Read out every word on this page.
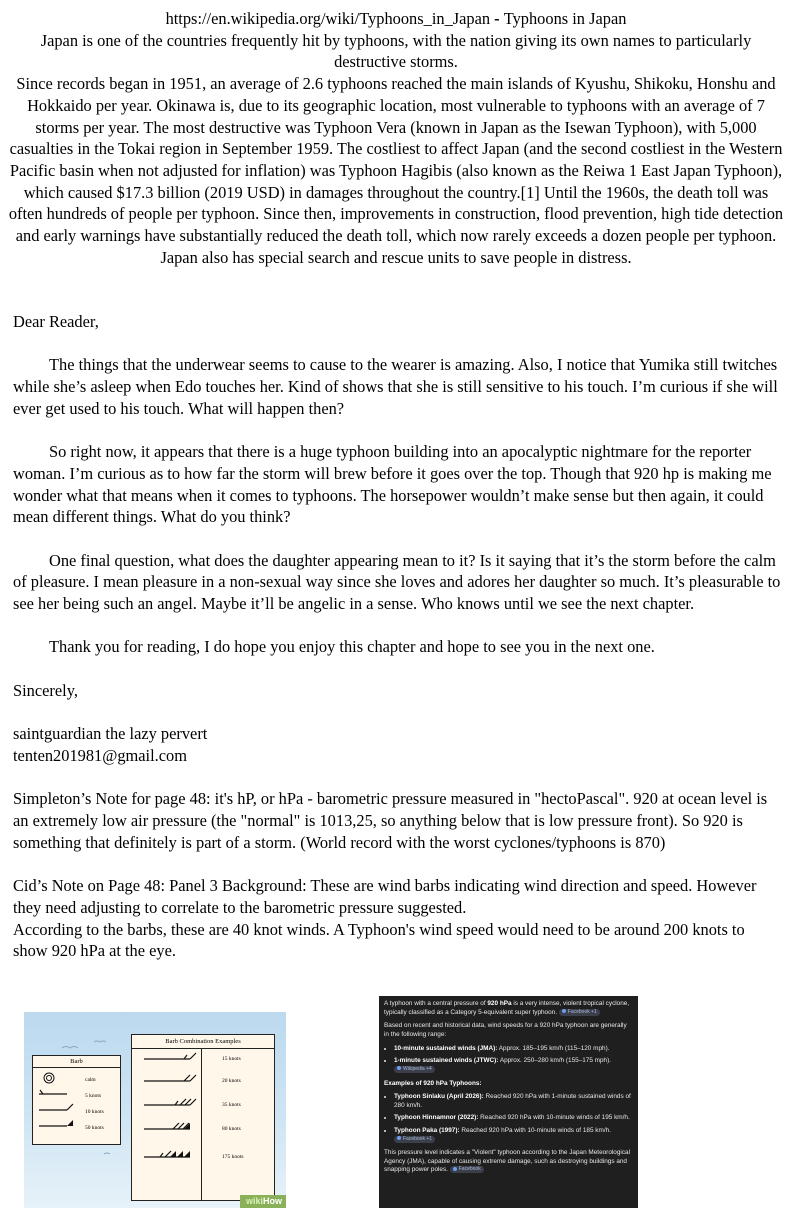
https://en.wikipedia.org/wiki/Typhoons_in_Japan - Typhoons in Japan

Japan is one of the countries frequently hit by typhoons, with the nation giving its own names to particularly destructive storms.

Since records began in 1951, an average of 2.6 typhoons reached the main islands of Kyushu, Shikoku, Honshu and Hokkaido per year. Okinawa is, due to its geographic location, most vulnerable to typhoons with an average of 7 storms per year. The most destructive was Typhoon Vera (known in Japan as the Isewan Typhoon), with 5,000 casualties in the Tokai region in September 1959. The costliest to affect Japan (and the second costliest in the Western Pacific basin when not adjusted for inflation) was Typhoon Hagibis (also known as the Reiwa 1 East Japan Typhoon), which caused $17.3 billion (2019 USD) in damages throughout the country.[1] Until the 1960s, the death toll was often hundreds of people per typhoon. Since then, improvements in construction, flood prevention, high tide detection and early warnings have substantially reduced the death toll, which now rarely exceeds a dozen people per typhoon. Japan also has special search and rescue units to save people in distress.

Dear Reader,

The things that the underwear seems to cause to the wearer is amazing. Also, I notice that Yumika still twitches while she’s asleep when Edo touches her. Kind of shows that she is still sensitive to his touch. I’m curious if she will ever get used to his touch. What will happen then?

So right now, it appears that there is a huge typhoon building into an apocalyptic nightmare for the reporter woman. I’m curious as to how far the storm will brew before it goes over the top. Though that 920 hp is making me wonder what that means when it comes to typhoons. The horsepower wouldn’t make sense but then again, it could mean different things. What do you think?

One final question, what does the daughter appearing mean to it? Is it saying that it’s the storm before the calm of pleasure. I mean pleasure in a non-sexual way since she loves and adores her daughter so much. It’s pleasurable to see her being such an angel. Maybe it’ll be angelic in a sense. Who knows until we see the next chapter.

Thank you for reading, I do hope you enjoy this chapter and hope to see you in the next one.

Sincerely,

saintguardian the lazy pervert

tenten201981@gmail.com

Simpleton’s Note for page 48: it's hP, or hPa - barometric pressure measured in "hectoPascal". 920 at ocean level is an extremely low air pressure (the "normal" is 1013,25, so anything below that is low pressure front). So 920 is something that definitely is part of a storm. (World record with the worst cyclones/typhoons is 870)

Cid’s Note on Page 48: Panel 3 Background: These are wind barbs indicating wind direction and speed. However they need adjusting to correlate to the barometric pressure suggested.

According to the barbs, these are 40 knot winds. A Typhoon's wind speed would need to be around 200 knots to show 920 hPa at the eye.

Barb
calm
5 knots
10 knots
50 knots
Barb Combination Examples
15 knots
20 knots
35 knots
80 knots
175 knots
wikiHow

A typhoon with a central pressure of 920 hPa is a very intense, violent tropical cyclone, typically classified as a Category 5-equivalent super typhoon. Facebook +1

Based on recent and historical data, wind speeds for a 920 hPa typhoon are generally in the following range:

• 10-minute sustained winds (JMA): Approx. 185–195 km/h (115–120 mph).
• 1-minute sustained winds (JTWC): Approx. 250–280 km/h (155–175 mph). Wikipedia +4

Examples of 920 hPa Typhoons:

• Typhoon Sinlaku (April 2026): Reached 920 hPa with 1-minute sustained winds of 280 km/h.
• Typhoon Hinnamnor (2022): Reached 920 hPa with 10-minute winds of 195 km/h.
• Typhoon Paka (1997): Reached 920 hPa with 10-minute winds of 185 km/h. Facebook +1

This pressure level indicates a "Violent" typhoon according to the Japan Meteorological Agency (JMA), capable of causing extreme damage, such as destroying buildings and snapping power poles. Facebook
